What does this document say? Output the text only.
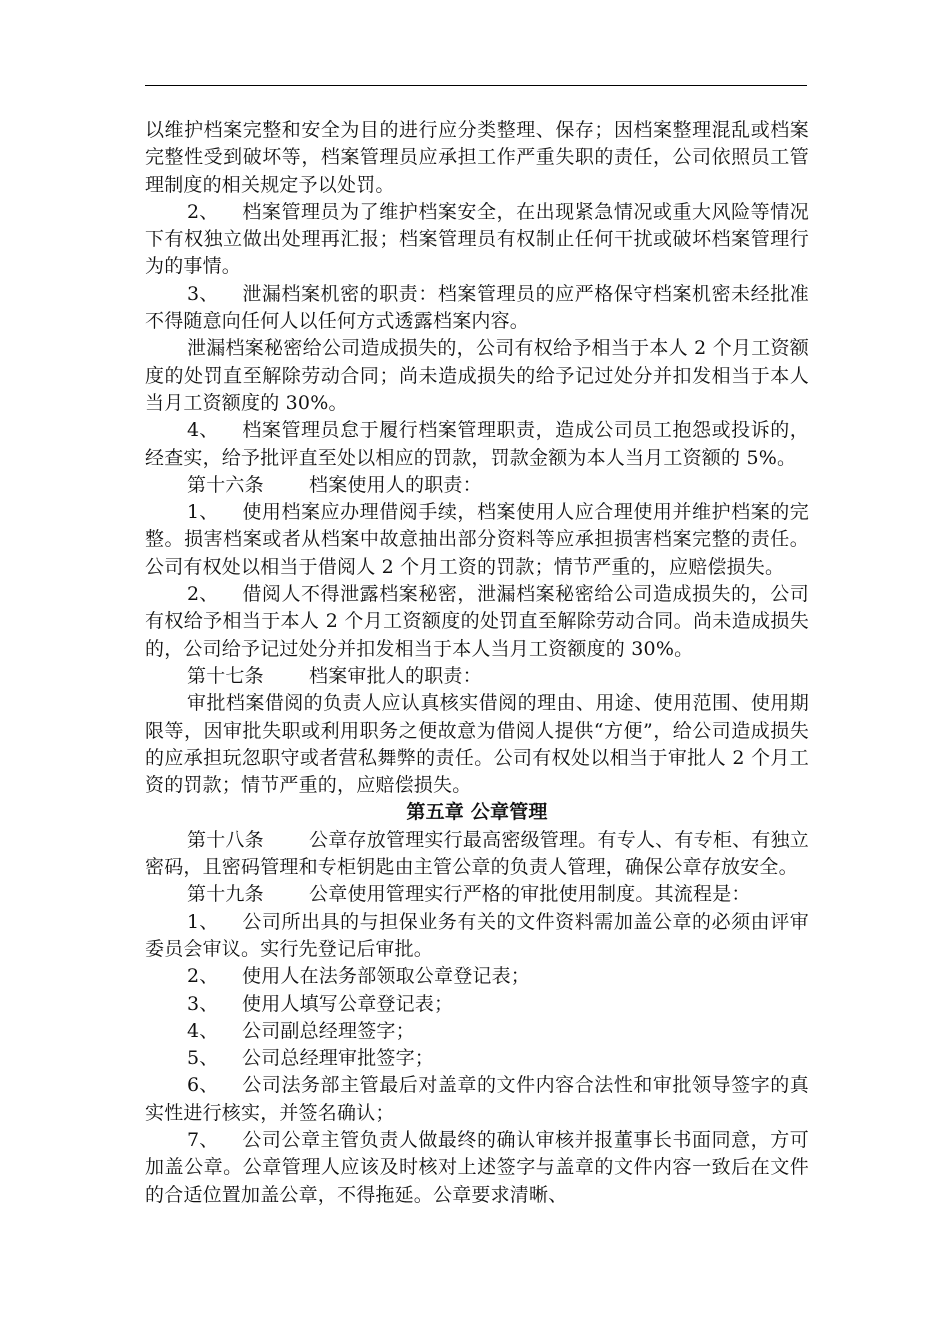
以维护档案完整和安全为目的进行应分类整理、保存；因档案整理混乱或档案完整性受到破坏等，档案管理员应承担工作严重失职的责任，公司依照员工管理制度的相关规定予以处罚。

2、 档案管理员为了维护档案安全，在出现紧急情况或重大风险等情况下有权独立做出处理再汇报；档案管理员有权制止任何干扰或破坏档案管理行为的事情。

3、 泄漏档案机密的职责：档案管理员的应严格保守档案机密未经批准不得随意向任何人以任何方式透露档案内容。

泄漏档案秘密给公司造成损失的，公司有权给予相当于本人 2 个月工资额度的处罚直至解除劳动合同；尚未造成损失的给予记过处分并扣发相当于本人当月工资额度的 30%。

4、 档案管理员怠于履行档案管理职责，造成公司员工抱怨或投诉的，经查实，给予批评直至处以相应的罚款，罚款金额为本人当月工资额的 5%。

第十六条 档案使用人的职责：

1、 使用档案应办理借阅手续，档案使用人应合理使用并维护档案的完整。损害档案或者从档案中故意抽出部分资料等应承担损害档案完整的责任。公司有权处以相当于借阅人 2 个月工资的罚款；情节严重的，应赔偿损失。

2、 借阅人不得泄露档案秘密，泄漏档案秘密给公司造成损失的，公司有权给予相当于本人 2 个月工资额度的处罚直至解除劳动合同。尚未造成损失的，公司给予记过处分并扣发相当于本人当月工资额度的 30%。

第十七条 档案审批人的职责：

审批档案借阅的负责人应认真核实借阅的理由、用途、使用范围、使用期限等，因审批失职或利用职务之便故意为借阅人提供“方便”，给公司造成损失的应承担玩忽职守或者营私舞弊的责任。公司有权处以相当于审批人 2 个月工资的罚款；情节严重的，应赔偿损失。

第五章 公章管理

第十八条 公章存放管理实行最高密级管理。有专人、有专柜、有独立密码，且密码管理和专柜钥匙由主管公章的负责人管理，确保公章存放安全。

第十九条 公章使用管理实行严格的审批使用制度。其流程是：

1、 公司所出具的与担保业务有关的文件资料需加盖公章的必须由评审委员会审议。实行先登记后审批。

2、 使用人在法务部领取公章登记表；

3、 使用人填写公章登记表；

4、 公司副总经理签字；

5、 公司总经理审批签字；

6、 公司法务部主管最后对盖章的文件内容合法性和审批领导签字的真实性进行核实，并签名确认；

7、 公司公章主管负责人做最终的确认审核并报董事长书面同意，方可加盖公章。公章管理人应该及时核对上述签字与盖章的文件内容一致后在文件的合适位置加盖公章，不得拖延。公章要求清晰、
